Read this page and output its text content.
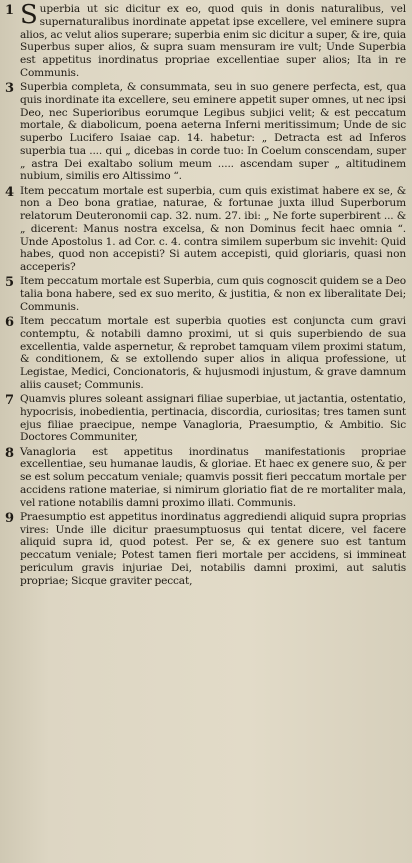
1 Superbia ut sic dicitur ex eo, quod quis in donis naturalibus, vel supernaturalibus inordinate appetat ipse excellere, vel eminere supra alios, ac velut alios superare; superbia enim sic dicitur a super, & ire, quia Superbus super alios, & supra suam mensuram ire vult; Unde Superbia est appetitus inordinatus propriae excellentiae super alios; Ita in re Communis.
3 Superbia completa, & consummata, seu in suo genere perfecta, est, qua quis inordinate ita excellere, seu eminere appetit super omnes, ut nec ipsi Deo, nec Superioribus eorumque Legibus subjici velit; & est peccatum mortale, & diabolicum, poena aeterna Inferni meritissimum; Unde de sic superbo Lucifero Isaiae cap. 14. habetur: „ Detracta est ad Inferos superbia tua .... qui „ dicebas in corde tuo: In Coelum conscendam, super „ astra Dei exaltabo solium meum ..... ascendam super „ altitudinem nubium, similis ero Altissimo “.
4 Item peccatum mortale est superbia, cum quis existimat habere ex se, & non a Deo bona gratiae, naturae, & fortunae juxta illud Superborum relatorum Deuteronomii cap. 32. num. 27. ibi: „ Ne forte superbirent ... & „ dicerent: Manus nostra excelsa, & non Dominus fecit haec omnia “. Unde Apostolus 1. ad Cor. c. 4. contra similem superbum sic invehit: Quid habes, quod non accepisti? Si autem accepisti, quid gloriaris, quasi non acceperis?
5 Item peccatum mortale est Superbia, cum quis cognoscit quidem se a Deo talia bona habere, sed ex suo merito, & justitia, & non ex liberalitate Dei; Communis.
6 Item peccatum mortale est superbia quoties est conjuncta cum gravi contemptu, & notabili damno proximi, ut si quis superbiendo de sua excellentia, valde aspernetur, & reprobet tamquam vilem proximi statum, & conditionem, & se extollendo super alios in aliqua professione, ut Legistae, Medici, Concionatoris, & hujusmodi injustum, & grave damnum aliis causet; Communis.
7 Quamvis plures soleant assignari filiae superbiae, ut jactantia, ostentatio, hypocrisis, inobedientia, pertinacia, discordia, curiositas; tres tamen sunt ejus filiae praecipue, nempe Vanagloria, Praesumptio, & Ambitio. Sic Doctores Communiter,
8 Vanagloria est appetitus inordinatus manifestationis propriae excellentiae, seu humanae laudis, & gloriae. Et haec ex genere suo, & per se est solum peccatum veniale; quamvis possit fieri peccatum mortale per accidens ratione materiae, si nimirum gloriatio fiat de re mortaliter mala, vel ratione notabilis damni proximo illati. Communis.
9 Praesumptio est appetitus inordinatus aggrediendi aliquid supra proprias vires: Unde ille dicitur praesumptuosus qui tentat dicere, vel facere aliquid supra id, quod potest. Per se, & ex genere suo est tantum peccatum veniale; Potest tamen fieri mortale per accidens, si immineat periculum gravis injuriae Dei, notabilis damni proximi, aut salutis propriae; Sicque graviter peccat,
